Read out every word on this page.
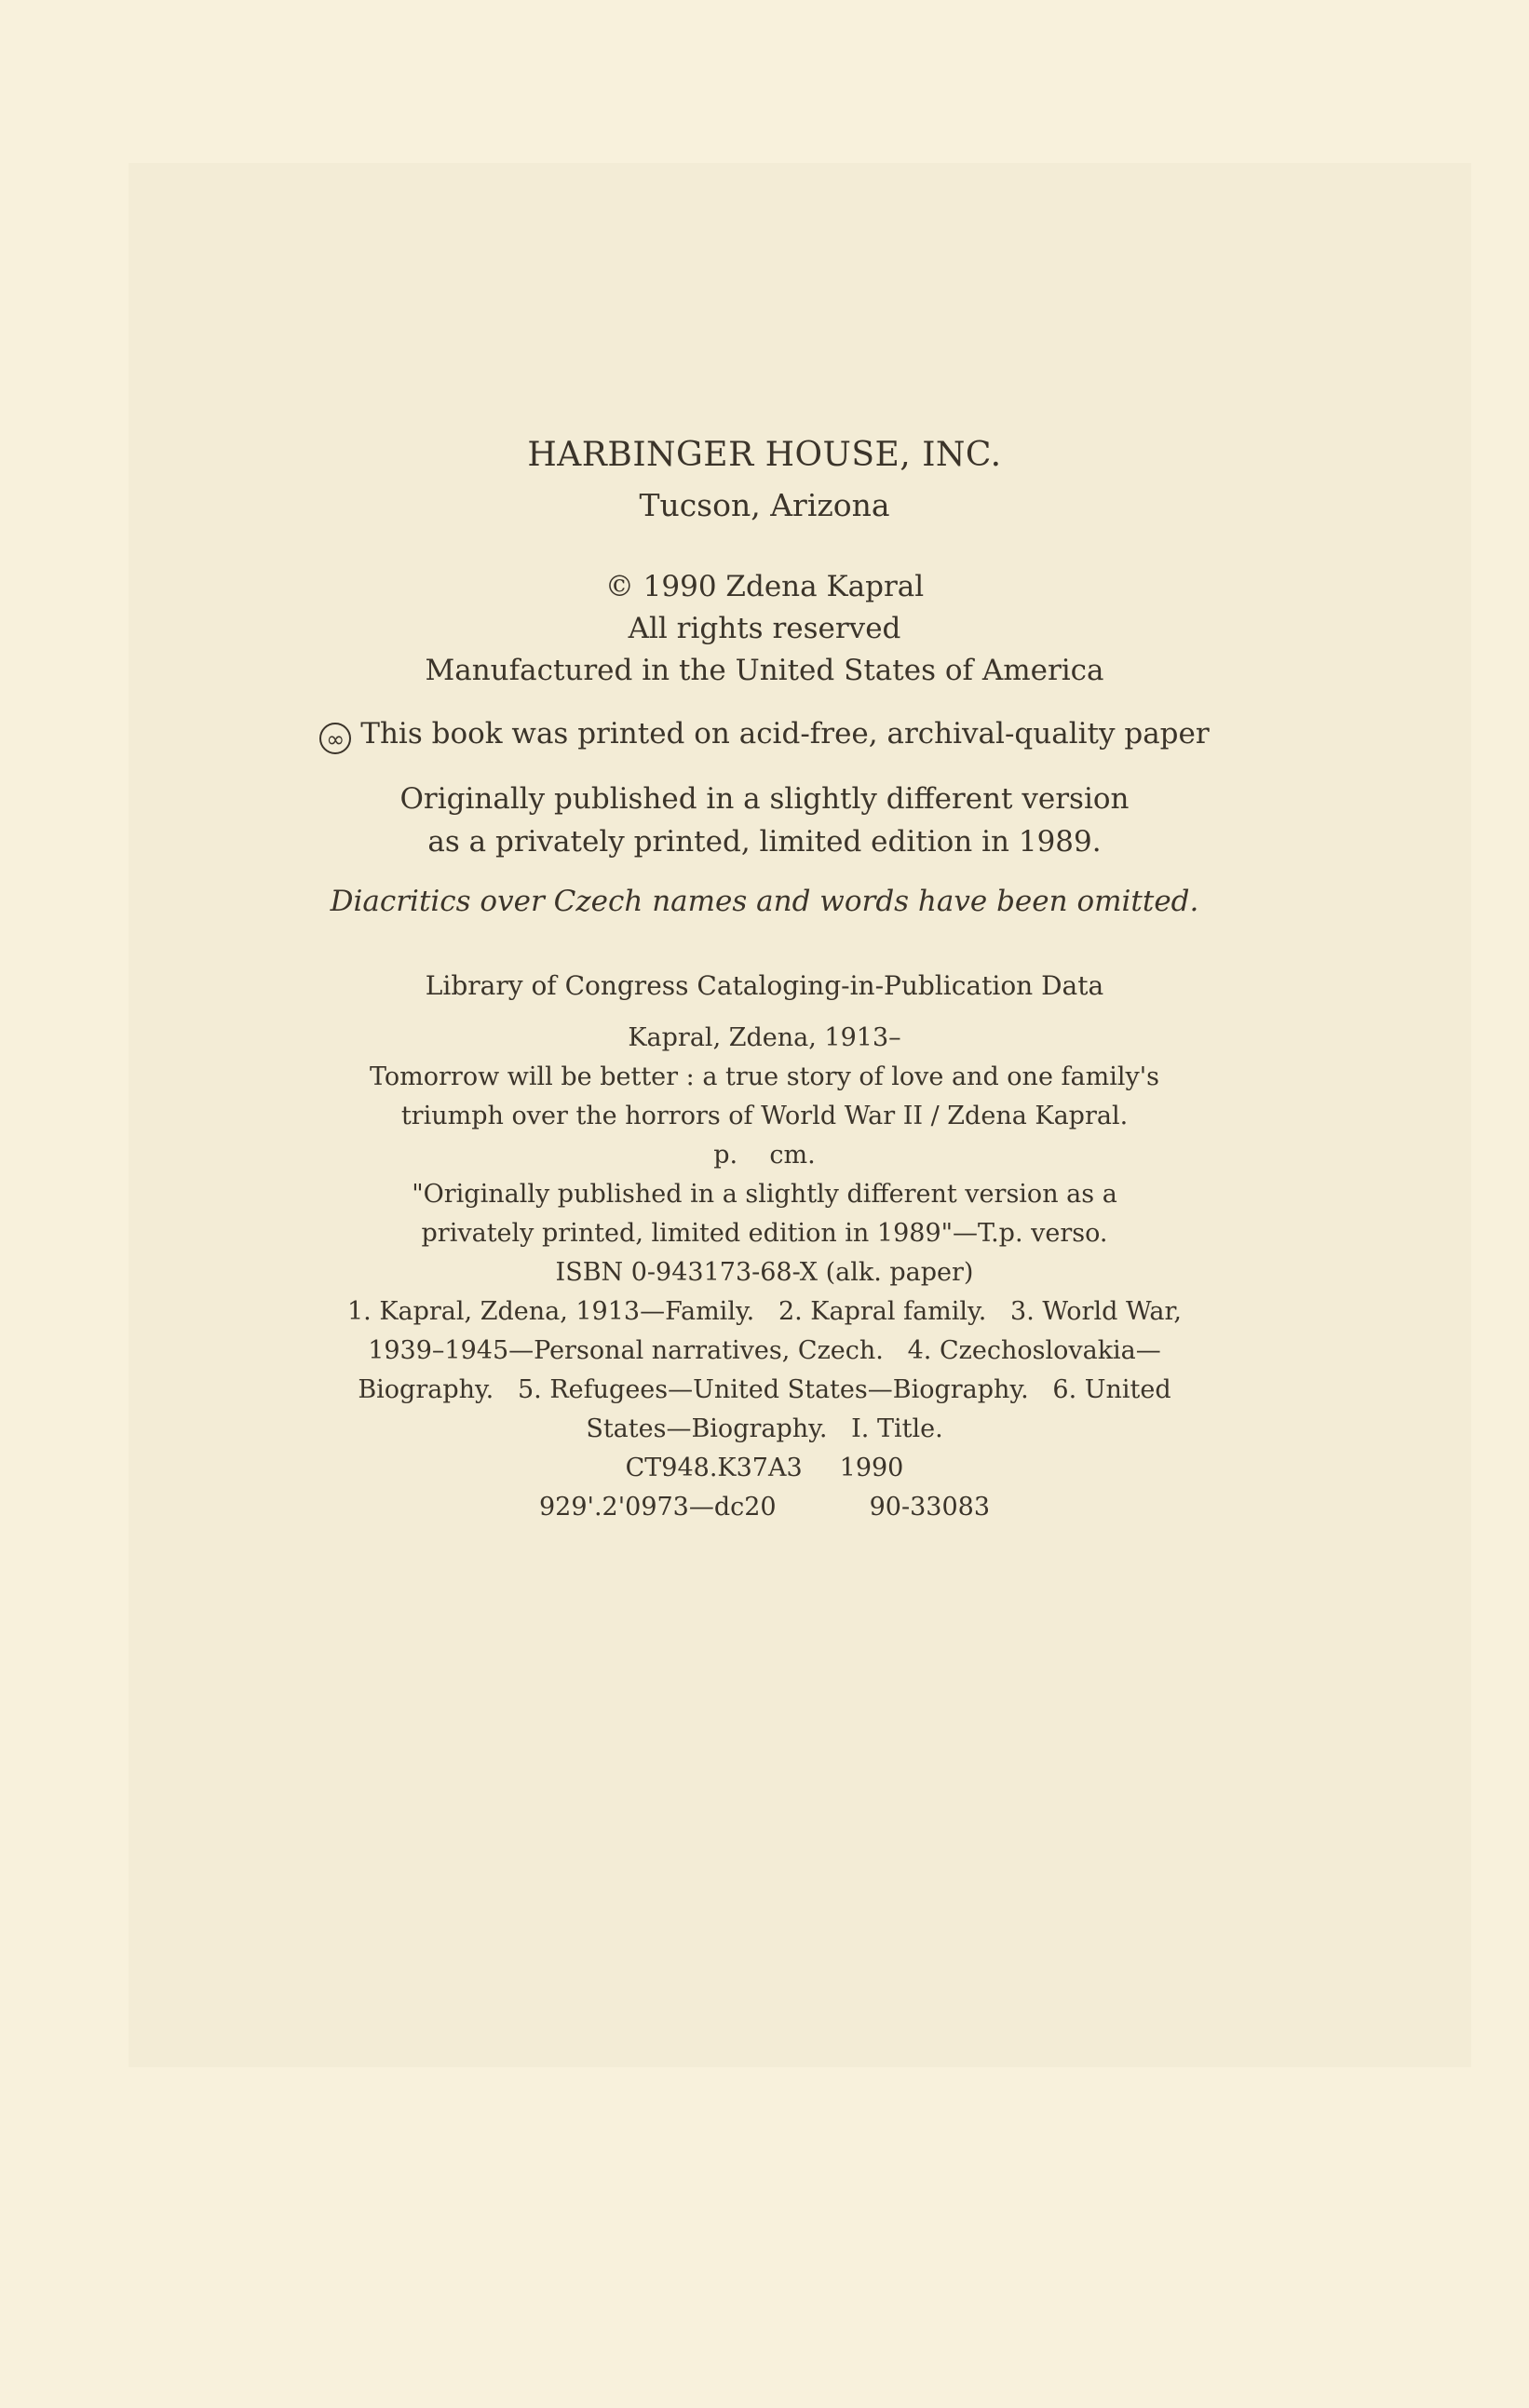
HARBINGER HOUSE, INC.
Tucson, Arizona
© 1990 Zdena Kapral
All rights reserved
Manufactured in the United States of America
∞ This book was printed on acid-free, archival-quality paper
Originally published in a slightly different version
as a privately printed, limited edition in 1989.
Diacritics over Czech names and words have been omitted.
Library of Congress Cataloging-in-Publication Data
Kapral, Zdena, 1913–
Tomorrow will be better : a true story of love and one family's
triumph over the horrors of World War II / Zdena Kapral.
p.    cm.
"Originally published in a slightly different version as a
privately printed, limited edition in 1989"—T.p. verso.
ISBN 0-943173-68-X (alk. paper)
1. Kapral, Zdena, 1913—Family.   2. Kapral family.   3. World War,
1939–1945—Personal narratives, Czech.   4. Czechoslovakia—
Biography.   5. Refugees—United States—Biography.   6. United
States—Biography.   I. Title.
CT948.K37A3 1990
929'.2'0973—dc20	90-33083
